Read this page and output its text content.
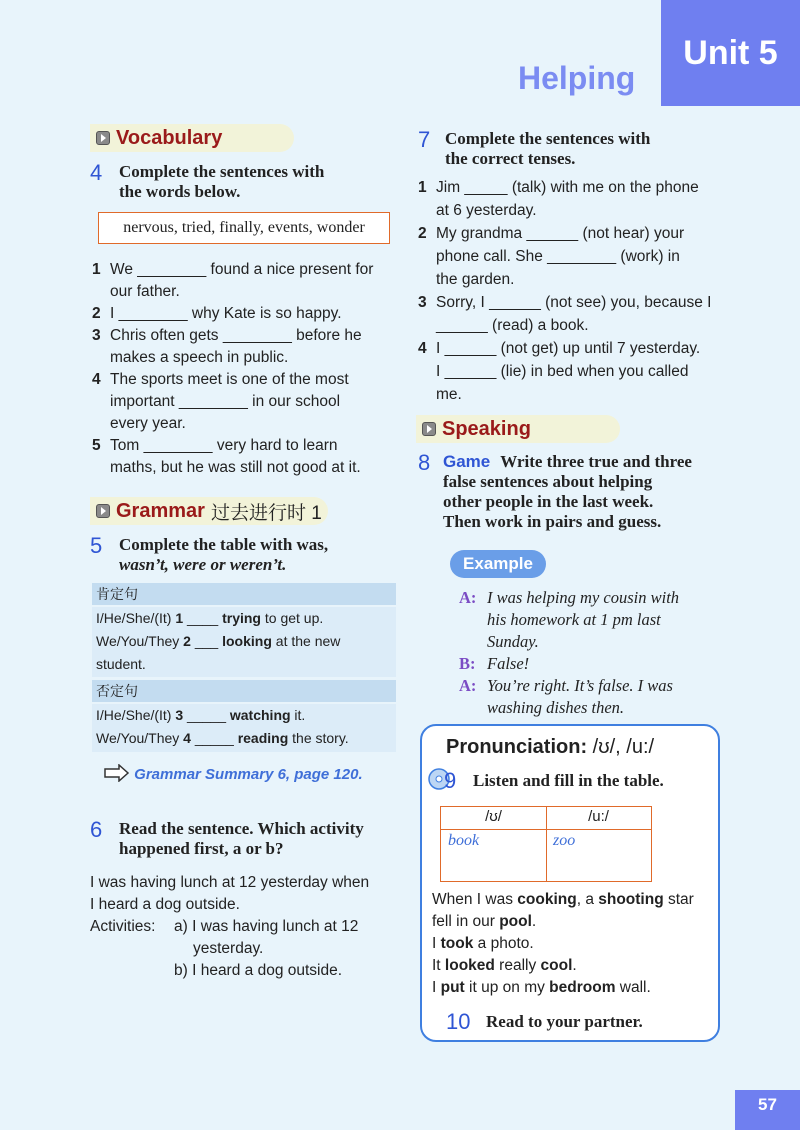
Helping
Unit 5
Vocabulary
4 Complete the sentences with
the words below.
nervous, tried, finally, events, wonder
1 We ________ found a nice present for
our father.
2 I ________ why Kate is so happy.
3 Chris often gets ________ before he
makes a speech in public.
4 The sports meet is one of the most
important ________ in our school
every year.
5 Tom ________ very hard to learn
maths, but he was still not good at it.
Grammar 过去进行时 1
5 Complete the table with was,
wasn’t, were or weren’t.
肯定句
I/He/She/(It) 1 ____ trying to get up.
We/You/They 2 ___ looking at the new
student.
否定句
I/He/She/(It) 3 _____ watching it.
We/You/They 4 _____ reading the story.
Grammar Summary 6, page 120.
6 Read the sentence. Which activity
happened first, a or b?
I was having lunch at 12 yesterday when
I heard a dog outside.
Activities: a) I was having lunch at 12
yesterday.
b) I heard a dog outside.
7 Complete the sentences with
the correct tenses.
1 Jim _____ (talk) with me on the phone
at 6 yesterday.
2 My grandma ______ (not hear) your
phone call. She ________ (work) in
the garden.
3 Sorry, I ______ (not see) you, because I
______ (read) a book.
4 I ______ (not get) up until 7 yesterday.
I ______ (lie) in bed when you called
me.
Speaking
8 Game Write three true and three
false sentences about helping
other people in the last week.
Then work in pairs and guess.
Example
A: I was helping my cousin with
his homework at 1 pm last
Sunday.
B: False!
A: You’re right. It’s false. I was
washing dishes then.
Pronunciation: /ʊ/, /u:/
9 Listen and fill in the table.
/ʊ/	/u:/
book	zoo
When I was cooking, a shooting star
fell in our pool.
I took a photo.
It looked really cool.
I put it up on my bedroom wall.
10 Read to your partner.
57
